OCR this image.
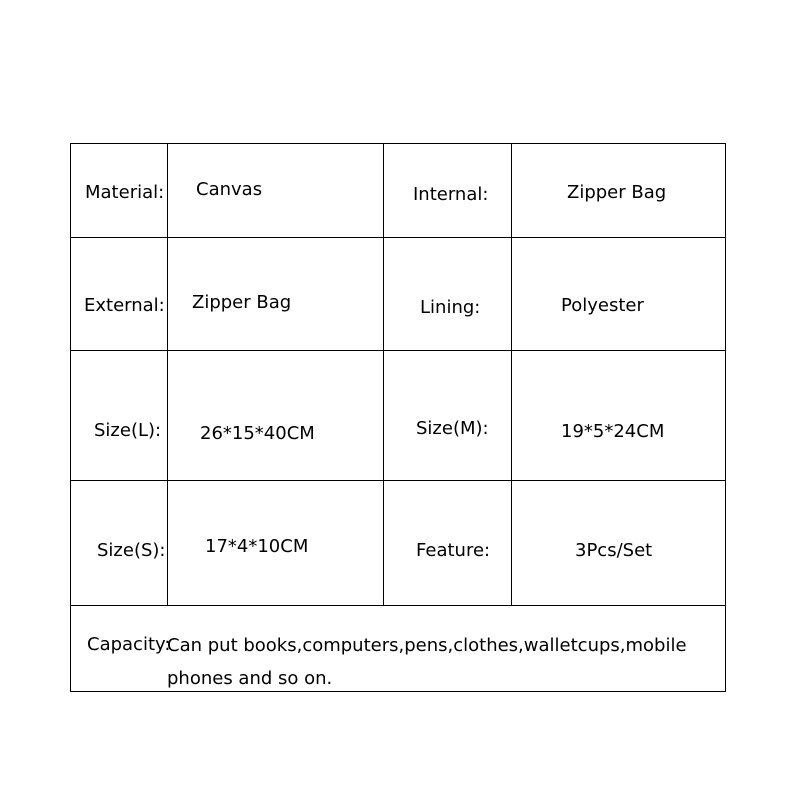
Material: Canvas	Internal:	Zipper Bag
External: Zipper Bag	Lining:	Polyester
Size(L): 26*15*40CM	Size(M):	19*5*24CM
Size(S): 17*4*10CM	Feature:	3Pcs/Set
Capacity:
Can put books,computers,pens,clothes,walletcups,mobile phones and so on.
